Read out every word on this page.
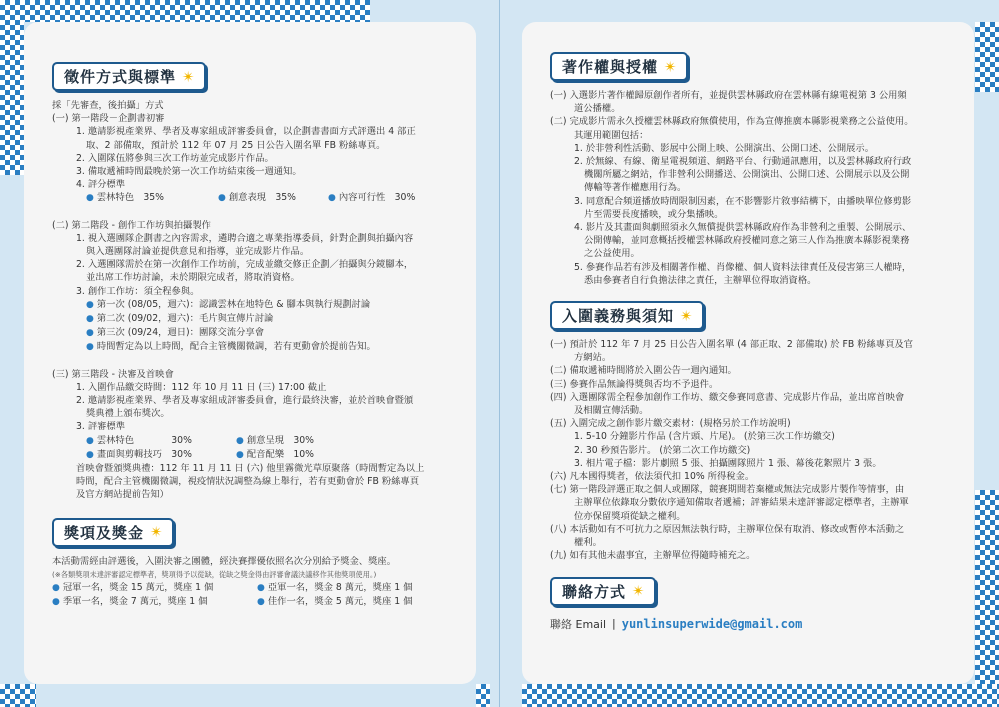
徵件方式與標準 ✴
採「先審查，後拍攝」方式
(一) 第一階段－企劃書初審
1. 邀請影視產業界、學者及專家組成評審委員會，以企劃書書面方式評選出 4 部正
取、2 部備取，預計於 112 年 07 月 25 日公告入圍名單 FB 粉絲專頁。
2. 入圍隊伍將參與三次工作坊並完成影片作品。
3. 備取遞補時間最晚於第一次工作坊結束後一週通知。
4. 評分標準
● 雲林特色　35%	● 創意表現　35%	● 內容可行性　30%
(二) 第二階段 - 創作工作坊與拍攝製作
1. 視入選團隊企劃書之內容需求，遴聘合適之專業指導委員，針對企劃與拍攝內容
與入選團隊討論並提供意見和指導，並完成影片作品。
2. 入選團隊需於在第一次創作工作坊前，完成並繳交修正企劃／拍攝與分鏡腳本，
並出席工作坊討論，未於期限完成者，將取消資格。
3. 創作工作坊：須全程參與。
● 第一次 (08/05，週六)：認識雲林在地特色 & 腳本與執行規劃討論
● 第二次 (09/02，週六)：毛片與宣傳片討論
● 第三次 (09/24，週日)：團隊交流分享會
● 時間暫定為以上時間，配合主管機關微調，若有更動會於提前告知。
(三) 第三階段 - 決審及首映會
1. 入圍作品繳交時間：112 年 10 月 11 日 (三) 17:00 截止
2. 邀請影視產業界、學者及專家組成評審委員會，進行最終決審，並於首映會暨頒
獎典禮上頒布獎次。
3. 評審標準
● 雲林特色　　　　30%	● 創意呈現　30%
● 畫面與剪輯技巧　30%	● 配音配樂　10%
首映會暨頒獎典禮：112 年 11 月 11 日 (六) 他里霧微光草原聚落（時間暫定為以上
時間，配合主管機關微調，視疫情狀況調整為線上舉行，若有更動會於 FB 粉絲專頁
及官方網站提前告知）
獎項及獎金 ✴
本活動需經由評選後，入圍決審之團體，經決賽擇優依照名次分別給予獎金、獎座。
(※各類獎項未達評審認定標準者，獎項得予以從缺，從缺之獎金得由評審會議決議移作其他獎項使用。)
● 冠軍一名，獎金 15 萬元，獎座 1 個	● 亞軍一名，獎金 8 萬元，獎座 1 個
● 季軍一名，獎金 7 萬元，獎座 1 個	● 佳作一名，獎金 5 萬元，獎座 1 個
著作權與授權 ✴
(一) 入選影片著作權歸原創作者所有，並提供雲林縣政府在雲林縣有線電視第 3 公用頻
道公播權。
(二) 完成影片需永久授權雲林縣政府無償使用，作為宣傳推廣本縣影視業務之公益使用。
其運用範圍包括：
1. 於非營利性活動、影展中公開上映、公開演出、公開口述、公開展示。
2. 於無線、有線、衛星電視頻道、網路平台、行動通訊應用，以及雲林縣政府行政
機關所屬之網站，作非營利公開播送、公開演出、公開口述、公開展示以及公開
傳輸等著作權應用行為。
3. 同意配合頻道播放時間限制因素，在不影響影片敘事結構下，由播映單位修剪影
片至需要長度播映，或分集播映。
4. 影片及其畫面與劇照須永久無償提供雲林縣政府作為非營利之重製、公開展示、
公開傳輸，並同意概括授權雲林縣政府授權同意之第三人作為推廣本縣影視業務
之公益使用。
5. 參賽作品若有涉及相關著作權、肖像權、個人資料法律責任及侵害第三人權時，
悉由參賽者自行負擔法律之責任，主辦單位得取消資格。
入圍義務與須知 ✴
(一) 預計於 112 年 7 月 25 日公告入圍名單 (4 部正取、2 部備取) 於 FB 粉絲專頁及官
方網站。
(二) 備取遞補時間將於入圍公告一週內通知。
(三) 參賽作品無論得獎與否均不予退件。
(四) 入選團隊需全程參加創作工作坊、繳交參賽同意書、完成影片作品，並出席首映會
及相關宣傳活動。
(五) 入圍完成之創作影片繳交素材：(規格另於工作坊說明)
1. 5-10 分鐘影片作品 (含片頭、片尾)。 (於第三次工作坊繳交)
2. 30 秒預告影片。 (於第二次工作坊繳交)
3. 相片電子檔：影片劇照 5 張、拍攝團隊照片 1 張、幕後花絮照片 3 張。
(六) 凡本國得獎者，依法須代扣 10% 所得稅金。
(七) 第一階段評選正取之個人或團隊，競賽期間若棄權或無法完成影片製作等情事，由
主辦單位依錄取分數依序通知備取者遞補；評審結果未達評審認定標準者，主辦單
位亦保留獎項從缺之權利。
(八) 本活動如有不可抗力之原因無法執行時，主辦單位保有取消、修改或暫停本活動之
權利。
(九) 如有其他未盡事宜，主辦單位得隨時補充之。
聯絡方式 ✴
聯絡 Email | yunlinsuperwide@gmail.com
